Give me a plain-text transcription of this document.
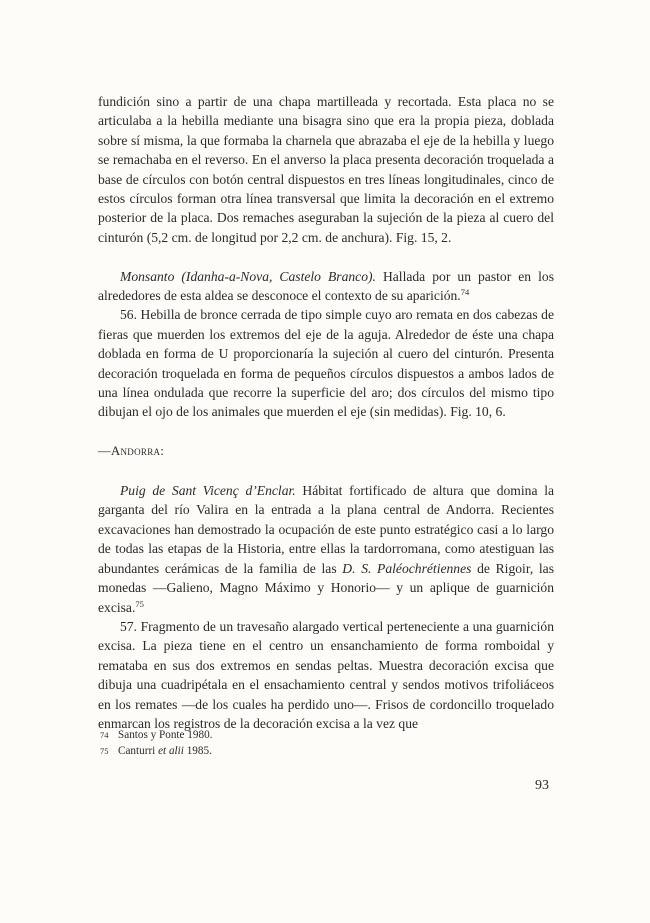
fundición sino a partir de una chapa martilleada y recortada. Esta placa no se articulaba a la hebilla mediante una bisagra sino que era la propia pieza, doblada sobre sí misma, la que formaba la charnela que abrazaba el eje de la hebilla y luego se remachaba en el reverso. En el anverso la placa presenta decoración troquelada a base de círculos con botón central dispuestos en tres líneas longitudinales, cinco de estos círculos forman otra línea transversal que limita la decoración en el extremo posterior de la placa. Dos remaches aseguraban la sujeción de la pieza al cuero del cinturón (5,2 cm. de longitud por 2,2 cm. de anchura). Fig. 15, 2.

Monsanto (Idanha-a-Nova, Castelo Branco). Hallada por un pastor en los alrededores de esta aldea se desconoce el contexto de su aparición.$^{74}$

56. Hebilla de bronce cerrada de tipo simple cuyo aro remata en dos cabezas de fieras que muerden los extremos del eje de la aguja. Alrededor de éste una chapa doblada en forma de U proporcionaría la sujeción al cuero del cinturón. Presenta decoración troquelada en forma de pequeños círculos dispuestos a ambos lados de una línea ondulada que recorre la superficie del aro; dos círculos del mismo tipo dibujan el ojo de los animales que muerden el eje (sin medidas). Fig. 10, 6.

—Andorra:

Puig de Sant Vicenç d’Enclar. Hábitat fortificado de altura que domina la garganta del río Valira en la entrada a la plana central de Andorra. Recientes excavaciones han demostrado la ocupación de este punto estratégico casi a lo largo de todas las etapas de la Historia, entre ellas la tardorromana, como atestiguan las abundantes cerámicas de la familia de las D. S. Paléochrétiennes de Rigoir, las monedas —Galieno, Magno Máximo y Honorio— y un aplique de guarnición excisa.$^{75}$

57. Fragmento de un travesaño alargado vertical perteneciente a una guarnición excisa. La pieza tiene en el centro un ensanchamiento de forma romboidal y remataba en sus dos extremos en sendas peltas. Muestra decoración excisa que dibuja una cuadripétala en el ensachamiento central y sendos motivos trifoliáceos en los remates —de los cuales ha perdido uno—. Frisos de cordoncillo troquelado enmarcan los registros de la decoración excisa a la vez que

74 Santos y Ponte 1980.
75 Canturri et alii 1985.
93
